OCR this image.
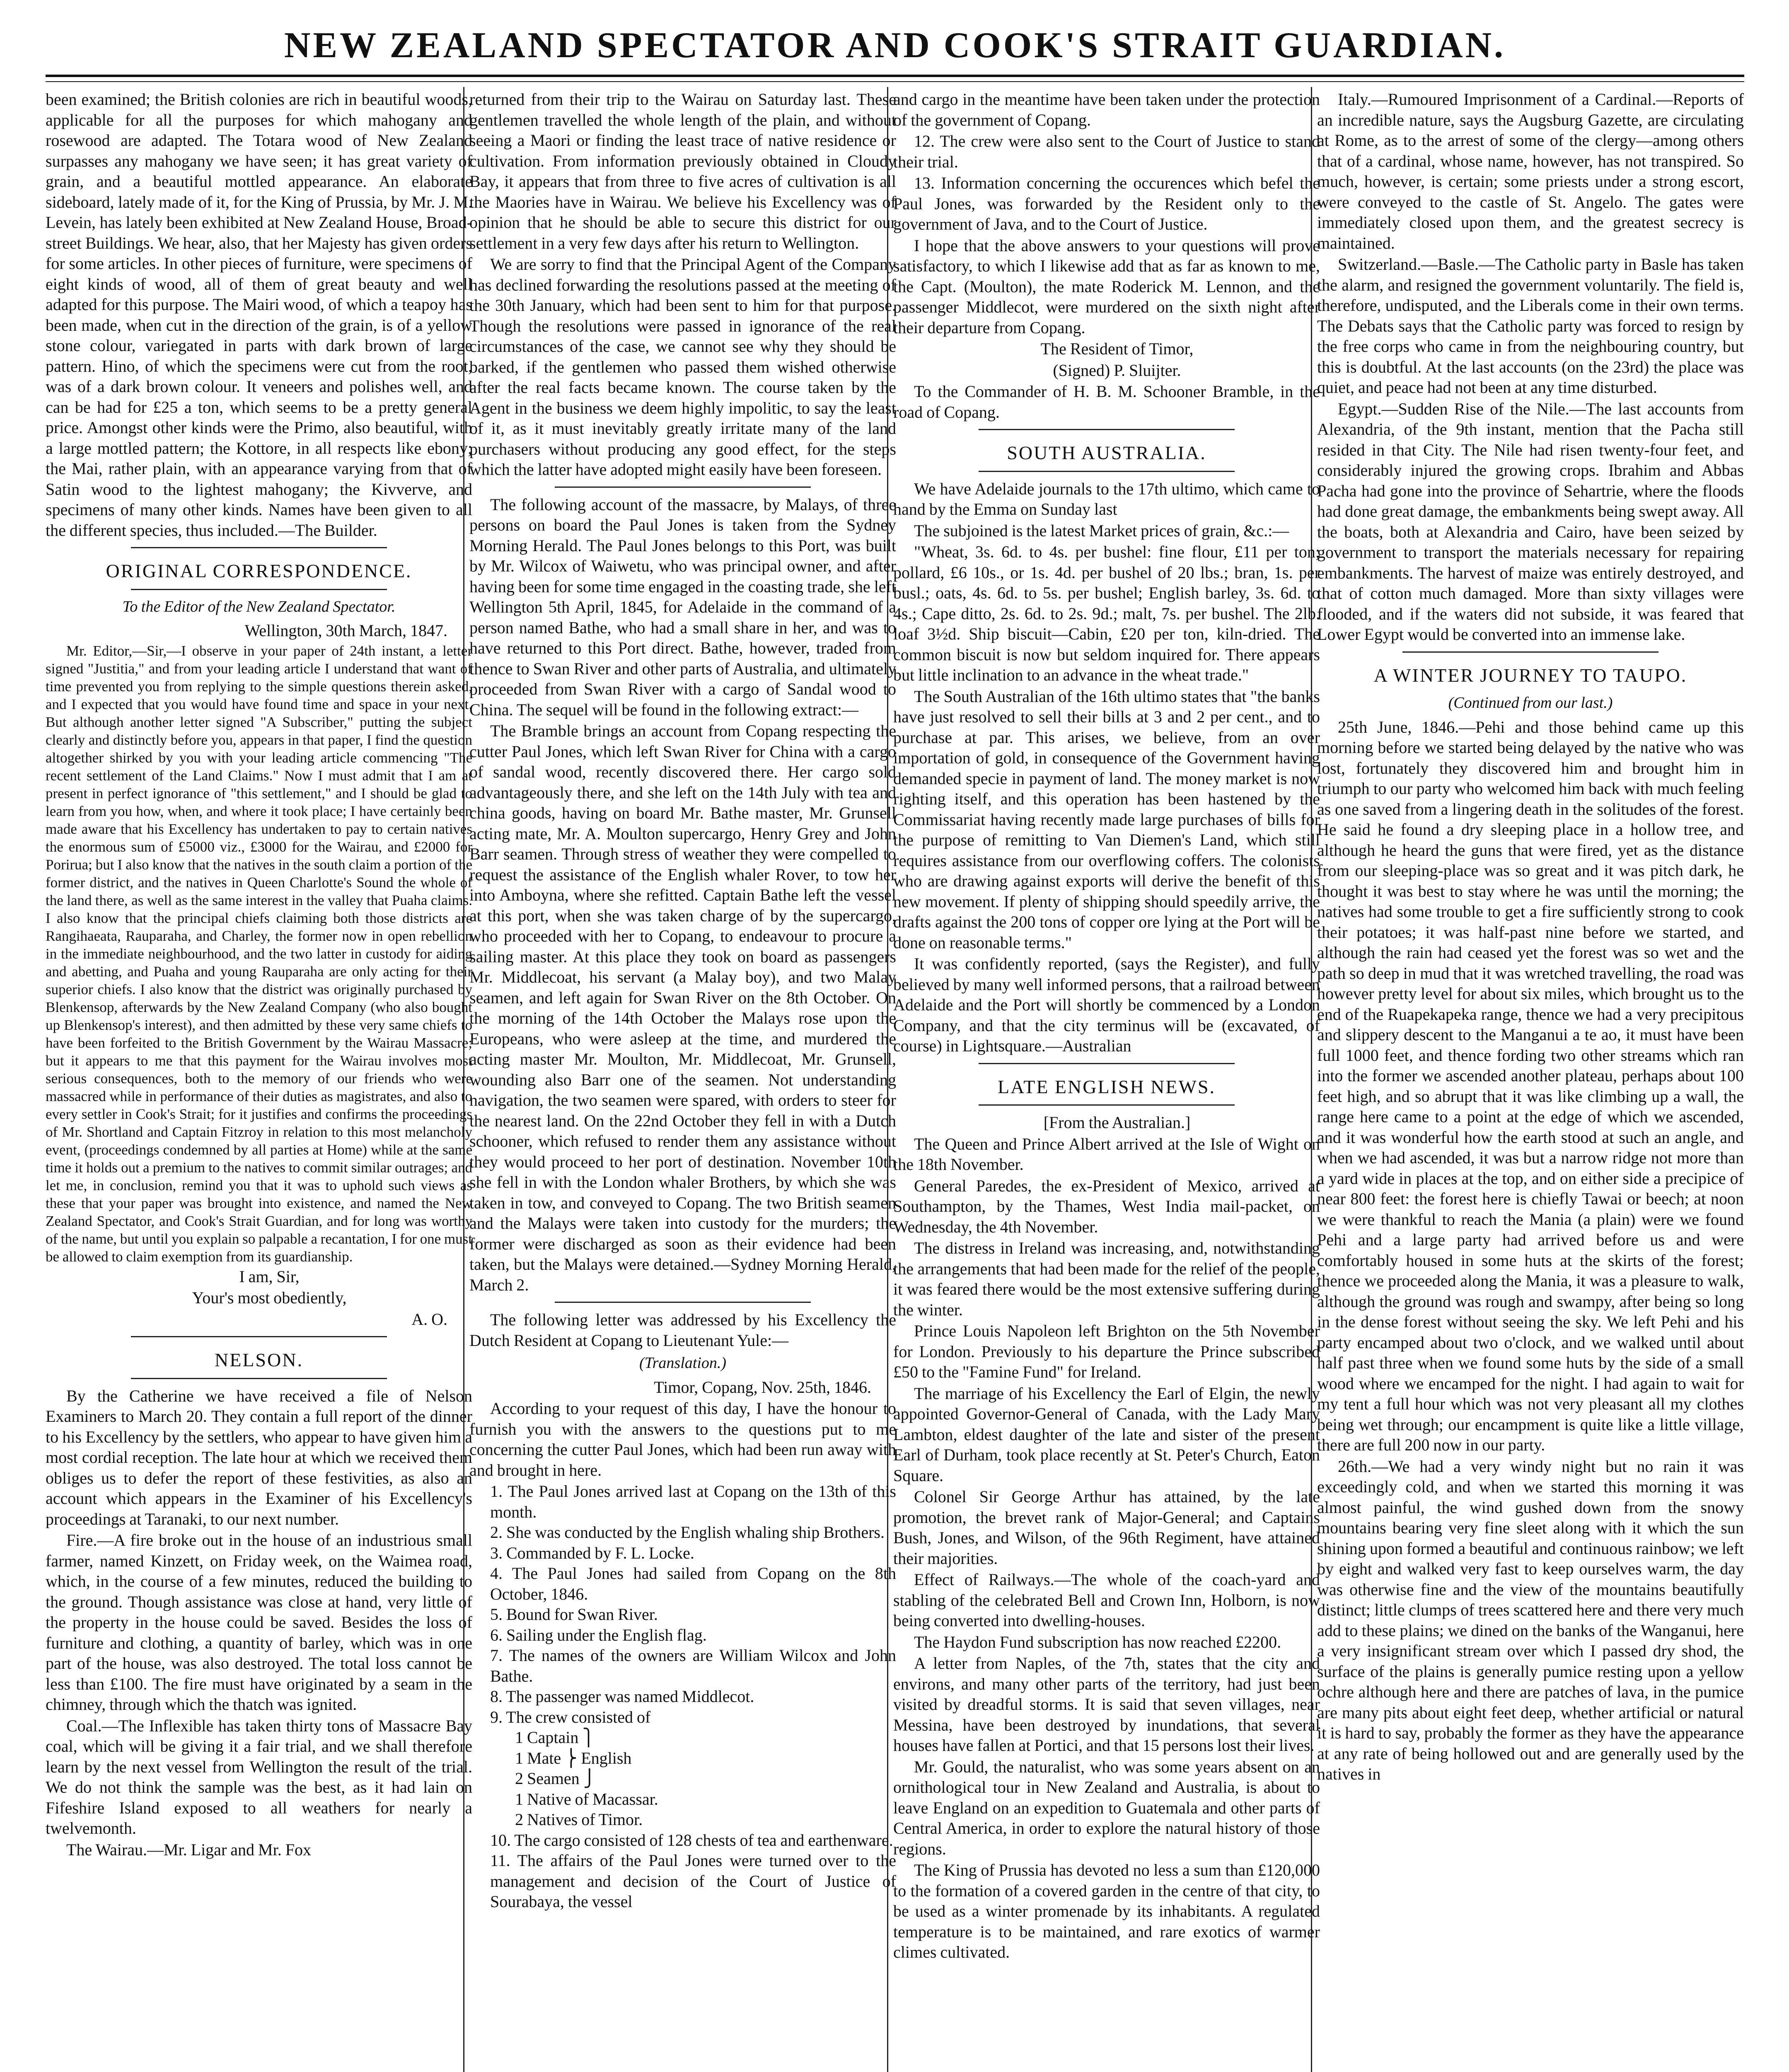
NEW ZEALAND SPECTATOR AND COOK'S STRAIT GUARDIAN.

been examined; the British colonies are rich in beautiful woods, applicable for all the purposes for which mahogany and rosewood are adapted. The Totara wood of New Zealand surpasses any mahogany we have seen; it has great variety of grain, and a beautiful mottled appearance. An elaborate sideboard, lately made of it, for the King of Prussia, by Mr. J. M. Levein, has lately been exhibited at New Zealand House, Broad-street Buildings. We hear, also, that her Majesty has given orders for some articles. In other pieces of furniture, were specimens of eight kinds of wood, all of them of great beauty and well adapted for this purpose. The Mairi wood, of which a teapoy has been made, when cut in the direction of the grain, is of a yellow stone colour, variegated in parts with dark brown of large pattern. Hino, of which the specimens were cut from the root, was of a dark brown colour. It veneers and polishes well, and can be had for £25 a ton, which seems to be a pretty general price. Amongst other kinds were the Primo, also beautiful, with a large mottled pattern; the Kottore, in all respects like ebony; the Mai, rather plain, with an appearance varying from that of Satin wood to the lightest mahogany; the Kivverve, and specimens of many other kinds. Names have been given to all the different species, thus included.—The Builder.

ORIGINAL CORRESPONDENCE.

To the Editor of the New Zealand Spectator.

Wellington, 30th March, 1847.

Mr. Editor,—Sir,—I observe in your paper of 24th instant, a letter signed "Justitia," and from your leading article I understand that want of time prevented you from replying to the simple questions therein asked, and I expected that you would have found time and space in your next. But although another letter signed "A Subscriber," putting the subject clearly and distinctly before you, appears in that paper, I find the question altogether shirked by you with your leading article commencing "The recent settlement of the Land Claims." Now I must admit that I am at present in perfect ignorance of "this settlement," and I should be glad to learn from you how, when, and where it took place; I have certainly been made aware that his Excellency has undertaken to pay to certain natives the enormous sum of £5000 viz., £3000 for the Wairau, and £2000 for Porirua; but I also know that the natives in the south claim a portion of the former district, and the natives in Queen Charlotte's Sound the whole of the land there, as well as the same interest in the valley that Puaha claims. I also know that the principal chiefs claiming both those districts are Rangihaeata, Rauparaha, and Charley, the former now in open rebellion in the immediate neighbourhood, and the two latter in custody for aiding and abetting, and Puaha and young Rauparaha are only acting for their superior chiefs. I also know that the district was originally purchased by Blenkensop, afterwards by the New Zealand Company (who also bought up Blenkensop's interest), and then admitted by these very same chiefs to have been forfeited to the British Government by the Wairau Massacre; but it appears to me that this payment for the Wairau involves most serious consequences, both to the memory of our friends who were massacred while in performance of their duties as magistrates, and also to every settler in Cook's Strait; for it justifies and confirms the proceedings of Mr. Shortland and Captain Fitzroy in relation to this most melancholy event, (proceedings condemned by all parties at Home) while at the same time it holds out a premium to the natives to commit similar outrages; and let me, in conclusion, remind you that it was to uphold such views as these that your paper was brought into existence, and named the New Zealand Spectator, and Cook's Strait Guardian, and for long was worthy of the name, but until you explain so palpable a recantation, I for one must be allowed to claim exemption from its guardianship.

I am, Sir,

Your's most obediently,

A. O.

NELSON.

By the Catherine we have received a file of Nelson Examiners to March 20. They contain a full report of the dinner to his Excellency by the settlers, who appear to have given him a most cordial reception. The late hour at which we received them obliges us to defer the report of these festivities, as also an account which appears in the Examiner of his Excellency's proceedings at Taranaki, to our next number.

Fire.—A fire broke out in the house of an industrious small farmer, named Kinzett, on Friday week, on the Waimea road, which, in the course of a few minutes, reduced the building to the ground. Though assistance was close at hand, very little of the property in the house could be saved. Besides the loss of furniture and clothing, a quantity of barley, which was in one part of the house, was also destroyed. The total loss cannot be less than £100. The fire must have originated by a seam in the chimney, through which the thatch was ignited.

Coal.—The Inflexible has taken thirty tons of Massacre Bay coal, which will be giving it a fair trial, and we shall therefore learn by the next vessel from Wellington the result of the trial. We do not think the sample was the best, as it had lain on Fifeshire Island exposed to all weathers for nearly a twelvemonth.

The Wairau.—Mr. Ligar and Mr. Fox

returned from their trip to the Wairau on Saturday last. These gentlemen travelled the whole length of the plain, and without seeing a Maori or finding the least trace of native residence or cultivation. From information previously obtained in Cloudy Bay, it appears that from three to five acres of cultivation is all the Maories have in Wairau. We believe his Excellency was of opinion that he should be able to secure this district for our settlement in a very few days after his return to Wellington.

We are sorry to find that the Principal Agent of the Company has declined forwarding the resolutions passed at the meeting of the 30th January, which had been sent to him for that purpose. Though the resolutions were passed in ignorance of the real circumstances of the case, we cannot see why they should be barked, if the gentlemen who passed them wished otherwise after the real facts became known. The course taken by the Agent in the business we deem highly impolitic, to say the least of it, as it must inevitably greatly irritate many of the land purchasers without producing any good effect, for the steps which the latter have adopted might easily have been foreseen.

The following account of the massacre, by Malays, of three persons on board the Paul Jones is taken from the Sydney Morning Herald. The Paul Jones belongs to this Port, was built by Mr. Wilcox of Waiwetu, who was principal owner, and after having been for some time engaged in the coasting trade, she left Wellington 5th April, 1845, for Adelaide in the command of a person named Bathe, who had a small share in her, and was to have returned to this Port direct. Bathe, however, traded from thence to Swan River and other parts of Australia, and ultimately proceeded from Swan River with a cargo of Sandal wood to China. The sequel will be found in the following extract:—

The Bramble brings an account from Copang respecting the cutter Paul Jones, which left Swan River for China with a cargo of sandal wood, recently discovered there. Her cargo sold advantageously there, and she left on the 14th July with tea and china goods, having on board Mr. Bathe master, Mr. Grunsell acting mate, Mr. A. Moulton supercargo, Henry Grey and John Barr seamen. Through stress of weather they were compelled to request the assistance of the English whaler Rover, to tow her into Amboyna, where she refitted. Captain Bathe left the vessel at this port, when she was taken charge of by the supercargo, who proceeded with her to Copang, to endeavour to procure a sailing master. At this place they took on board as passengers Mr. Middlecoat, his servant (a Malay boy), and two Malay seamen, and left again for Swan River on the 8th October. On the morning of the 14th October the Malays rose upon the Europeans, who were asleep at the time, and murdered the acting master Mr. Moulton, Mr. Middlecoat, Mr. Grunsell, wounding also Barr one of the seamen. Not understanding navigation, the two seamen were spared, with orders to steer for the nearest land. On the 22nd October they fell in with a Dutch schooner, which refused to render them any assistance without they would proceed to her port of destination. November 10th she fell in with the London whaler Brothers, by which she was taken in tow, and conveyed to Copang. The two British seamen and the Malays were taken into custody for the murders; the former were discharged as soon as their evidence had been taken, but the Malays were detained.—Sydney Morning Herald, March 2.

The following letter was addressed by his Excellency the Dutch Resident at Copang to Lieutenant Yule:—

(Translation.)

Timor, Copang, Nov. 25th, 1846.

According to your request of this day, I have the honour to furnish you with the answers to the questions put to me concerning the cutter Paul Jones, which had been run away with and brought in here.

1. The Paul Jones arrived last at Copang on the 13th of this month.

2. She was conducted by the English whaling ship Brothers.

3. Commanded by F. L. Locke.

4. The Paul Jones had sailed from Copang on the 8th October, 1846.

5. Bound for Swan River.

6. Sailing under the English flag.

7. The names of the owners are William Wilcox and John Bathe.

8. The passenger was named Middlecot.

9. The crew consisted of

1 Captain ⎫
1 Mate ⎬ English
2 Seamen ⎭
1 Native of Macassar.
2 Natives of Timor.

10. The cargo consisted of 128 chests of tea and earthenware.

11. The affairs of the Paul Jones were turned over to the management and decision of the Court of Justice of Sourabaya, the vessel

and cargo in the meantime have been taken under the protection of the government of Copang.

12. The crew were also sent to the Court of Justice to stand their trial.

13. Information concerning the occurences which befel the Paul Jones, was forwarded by the Resident only to the government of Java, and to the Court of Justice.

I hope that the above answers to your questions will prove satisfactory, to which I likewise add that as far as known to me, the Capt. (Moulton), the mate Roderick M. Lennon, and the passenger Middlecot, were murdered on the sixth night after their departure from Copang.

The Resident of Timor,

(Signed) P. Sluijter.

To the Commander of H. B. M. Schooner Bramble, in the road of Copang.

SOUTH AUSTRALIA.

We have Adelaide journals to the 17th ultimo, which came to hand by the Emma on Sunday last

The subjoined is the latest Market prices of grain, &c.:—

"Wheat, 3s. 6d. to 4s. per bushel: fine flour, £11 per ton; pollard, £6 10s., or 1s. 4d. per bushel of 20 lbs.; bran, 1s. per busl.; oats, 4s. 6d. to 5s. per bushel; English barley, 3s. 6d. to 4s.; Cape ditto, 2s. 6d. to 2s. 9d.; malt, 7s. per bushel. The 2lb. loaf 3½d. Ship biscuit—Cabin, £20 per ton, kiln-dried. The common biscuit is now but seldom inquired for. There appears but little inclination to an advance in the wheat trade."

The South Australian of the 16th ultimo states that "the banks have just resolved to sell their bills at 3 and 2 per cent., and to purchase at par. This arises, we believe, from an over importation of gold, in consequence of the Government having demanded specie in payment of land. The money market is now righting itself, and this operation has been hastened by the Commissariat having recently made large purchases of bills for the purpose of remitting to Van Diemen's Land, which still requires assistance from our overflowing coffers. The colonists who are drawing against exports will derive the benefit of this new movement. If plenty of shipping should speedily arrive, the drafts against the 200 tons of copper ore lying at the Port will be done on reasonable terms."

It was confidently reported, (says the Register), and fully believed by many well informed persons, that a railroad between Adelaide and the Port will shortly be commenced by a London Company, and that the city terminus will be (excavated, of course) in Lightsquare.—Australian

LATE ENGLISH NEWS.

[From the Australian.]

The Queen and Prince Albert arrived at the Isle of Wight on the 18th November.

General Paredes, the ex-President of Mexico, arrived at Southampton, by the Thames, West India mail-packet, on Wednesday, the 4th November.

The distress in Ireland was increasing, and, notwithstanding the arrangements that had been made for the relief of the people, it was feared there would be the most extensive suffering during the winter.

Prince Louis Napoleon left Brighton on the 5th November for London. Previously to his departure the Prince subscribed £50 to the "Famine Fund" for Ireland.

The marriage of his Excellency the Earl of Elgin, the newly appointed Governor-General of Canada, with the Lady Mary Lambton, eldest daughter of the late and sister of the present Earl of Durham, took place recently at St. Peter's Church, Eaton Square.

Colonel Sir George Arthur has attained, by the late promotion, the brevet rank of Major-General; and Captains Bush, Jones, and Wilson, of the 96th Regiment, have attained their majorities.

Effect of Railways.—The whole of the coach-yard and stabling of the celebrated Bell and Crown Inn, Holborn, is now being converted into dwelling-houses.

The Haydon Fund subscription has now reached £2200.

A letter from Naples, of the 7th, states that the city and environs, and many other parts of the territory, had just been visited by dreadful storms. It is said that seven villages, near Messina, have been destroyed by inundations, that several houses have fallen at Portici, and that 15 persons lost their lives.

Mr. Gould, the naturalist, who was some years absent on an ornithological tour in New Zealand and Australia, is about to leave England on an expedition to Guatemala and other parts of Central America, in order to explore the natural history of those regions.

The King of Prussia has devoted no less a sum than £120,000 to the formation of a covered garden in the centre of that city, to be used as a winter promenade by its inhabitants. A regulated temperature is to be maintained, and rare exotics of warmer climes cultivated.

Italy.—Rumoured Imprisonment of a Cardinal.—Reports of an incredible nature, says the Augsburg Gazette, are circulating at Rome, as to the arrest of some of the clergy—among others that of a cardinal, whose name, however, has not transpired. So much, however, is certain; some priests under a strong escort, were conveyed to the castle of St. Angelo. The gates were immediately closed upon them, and the greatest secrecy is maintained.

Switzerland.—Basle.—The Catholic party in Basle has taken the alarm, and resigned the government voluntarily. The field is, therefore, undisputed, and the Liberals come in their own terms. The Debats says that the Catholic party was forced to resign by the free corps who came in from the neighbouring country, but this is doubtful. At the last accounts (on the 23rd) the place was quiet, and peace had not been at any time disturbed.

Egypt.—Sudden Rise of the Nile.—The last accounts from Alexandria, of the 9th instant, mention that the Pacha still resided in that City. The Nile had risen twenty-four feet, and considerably injured the growing crops. Ibrahim and Abbas Pacha had gone into the province of Sehartrie, where the floods had done great damage, the embankments being swept away. All the boats, both at Alexandria and Cairo, have been seized by government to transport the materials necessary for repairing embankments. The harvest of maize was entirely destroyed, and that of cotton much damaged. More than sixty villages were flooded, and if the waters did not subside, it was feared that Lower Egypt would be converted into an immense lake.

A WINTER JOURNEY TO TAUPO.

(Continued from our last.)

25th June, 1846.—Pehi and those behind came up this morning before we started being delayed by the native who was lost, fortunately they discovered him and brought him in triumph to our party who welcomed him back with much feeling as one saved from a lingering death in the solitudes of the forest. He said he found a dry sleeping place in a hollow tree, and although he heard the guns that were fired, yet as the distance from our sleeping-place was so great and it was pitch dark, he thought it was best to stay where he was until the morning; the natives had some trouble to get a fire sufficiently strong to cook their potatoes; it was half-past nine before we started, and although the rain had ceased yet the forest was so wet and the path so deep in mud that it was wretched travelling, the road was however pretty level for about six miles, which brought us to the end of the Ruapekapeka range, thence we had a very precipitous and slippery descent to the Manganui a te ao, it must have been full 1000 feet, and thence fording two other streams which ran into the former we ascended another plateau, perhaps about 100 feet high, and so abrupt that it was like climbing up a wall, the range here came to a point at the edge of which we ascended, and it was wonderful how the earth stood at such an angle, and when we had ascended, it was but a narrow ridge not more than a yard wide in places at the top, and on either side a precipice of near 800 feet: the forest here is chiefly Tawai or beech; at noon we were thankful to reach the Mania (a plain) were we found Pehi and a large party had arrived before us and were comfortably housed in some huts at the skirts of the forest; thence we proceeded along the Mania, it was a pleasure to walk, although the ground was rough and swampy, after being so long in the dense forest without seeing the sky. We left Pehi and his party encamped about two o'clock, and we walked until about half past three when we found some huts by the side of a small wood where we encamped for the night. I had again to wait for my tent a full hour which was not very pleasant all my clothes being wet through; our encampment is quite like a little village, there are full 200 now in our party.

26th.—We had a very windy night but no rain it was exceedingly cold, and when we started this morning it was almost painful, the wind gushed down from the snowy mountains bearing very fine sleet along with it which the sun shining upon formed a beautiful and continuous rainbow; we left by eight and walked very fast to keep ourselves warm, the day was otherwise fine and the view of the mountains beautifully distinct; little clumps of trees scattered here and there very much add to these plains; we dined on the banks of the Wanganui, here a very insignificant stream over which I passed dry shod, the surface of the plains is generally pumice resting upon a yellow ochre although here and there are patches of lava, in the pumice are many pits about eight feet deep, whether artificial or natural it is hard to say, probably the former as they have the appearance at any rate of being hollowed out and are generally used by the natives in
